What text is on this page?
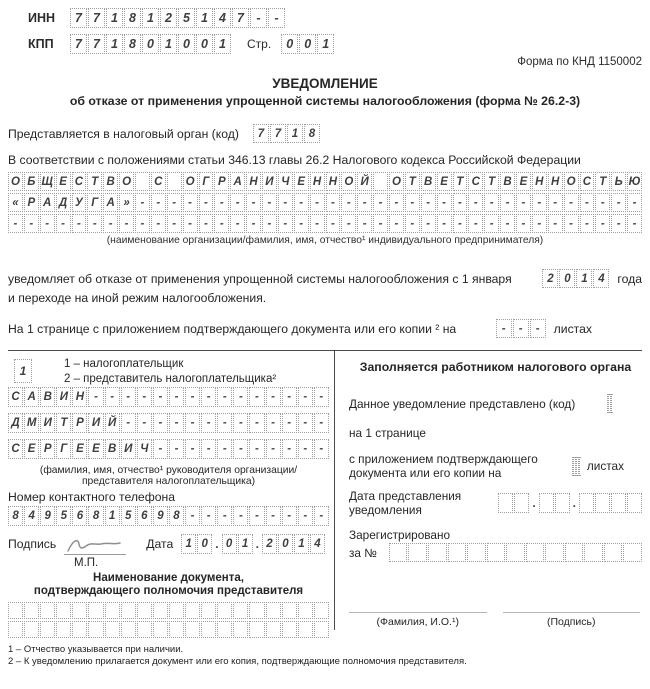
ИНН	7 7 1 8 1 2 5 1 4 7 -	-
КПП	7 7 1 8 0 1 0 0 1	Стр.	0 0 1
Форма по КНД 1150002
УВЕДОМЛЕНИЕ
об отказе от применения упрощенной системы налогообложения (форма № 26.2-3)
Представляется в налоговый орган (код)	7 7 1 8
В соответствии с положениями статьи 346.13 главы 26.2 Налогового кодекса Российской Федерации
О Б Щ Е С Т В О С О Г Р А Н И Ч Е Н Н О Й О Т В Е Т С Т В Е Н Н О С Т Ь Ю
« Р А Д У Г А » -	-	-	-	-	-	-	-	-	-	-	-	-	-	-	-	-	-	-	-	-	-	-	-	-	-	-	-	-	-	-	-
-	-	-	-	-	-	-	-	-	-	-	-	-	-	-	-	-	-	-	-	-	-	-	-	-	-	-	-	-	-	-	-	-	-	-	-	-	-	-	-
(наименование организации/фамилия, имя, отчество¹ индивидуального предпринимателя)
уведомляет об отказе от применения упрощенной системы налогообложения с 1 января	2 0 1 4	года
и переходе на иной режим налогообложения.
На 1 странице с приложением подтверждающего документа или его копии ² на	-	-	-	листах
1	1 – налогоплательщик
2 – представитель налогоплательщика²
С А В И Н -	-	-	-	-	-	-	-	-	-	-	-	-	-	-
Д М И Т Р И Й -	-	-	-	-	-	-	-	-	-	-	-	-
С Е Р Г Е Е В И Ч -	-	-	-	-	-	-	-	-	-	-
(фамилия, имя, отчество¹ руководителя организации/
представителя налогоплательщика)
Номер контактного телефона
8 4 9 5 6 8 1 5 6 9 8 -	-	-	-	-	-	-	-	-
Подпись	Дата	1 0 . 0 1 . 2 0 1 4
М.П.
Наименование документа,
подтверждающего полномочия представителя
Заполняется работником налогового органа
Данное уведомление представлено (код)
на 1 странице
с приложением подтверждающего
документа или его копии на	листах
Дата представления
уведомления	.	.
Зарегистрировано
за №
(Фамилия, И.О.¹)	(Подпись)
1 – Отчество указывается при наличии.
2 – К уведомлению прилагается документ или его копия, подтверждающие полномочия представителя.
